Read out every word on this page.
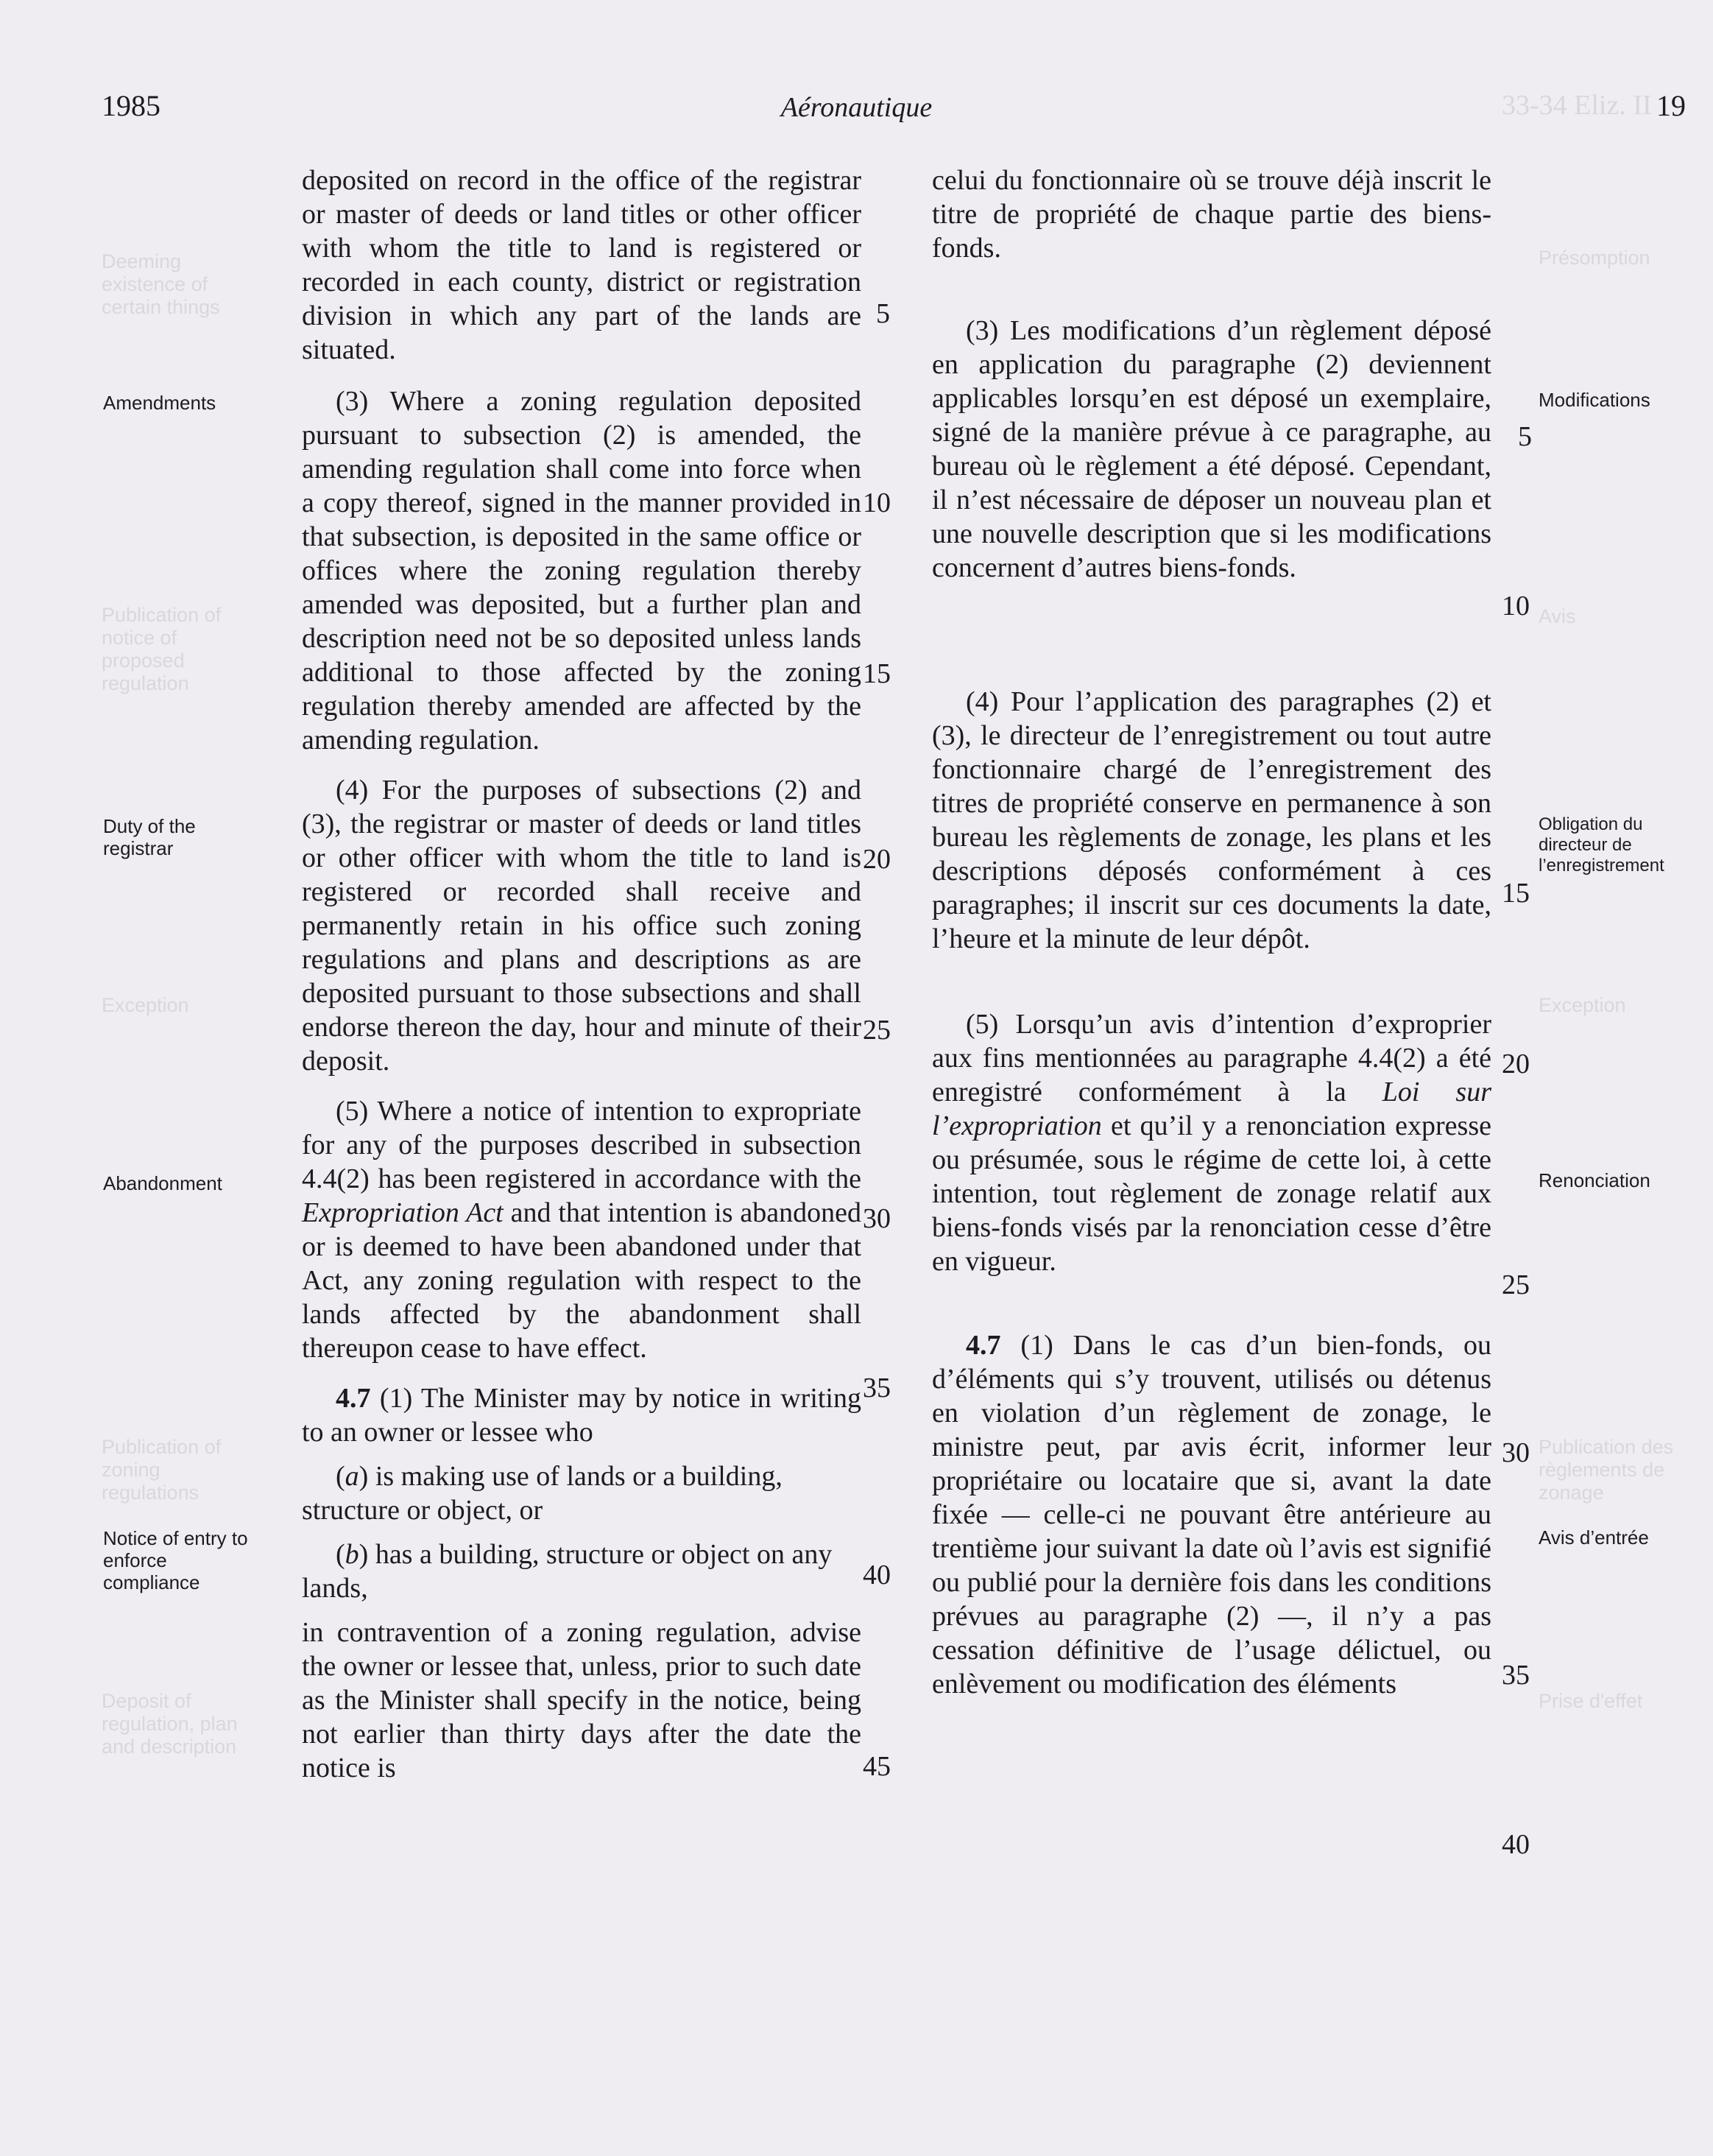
33-34 Eliz. II
Deeming existence of certain things
Publication of notice of proposed regulation
Exception
Publication of zoning regulations
Deposit of regulation, plan and description
Présomption
Avis
Exception
Publication des règlements de zonage
Prise d'effet
1985	Aéronautique	19
Amendments
Duty of the registrar
Abandonment
Notice of entry to enforce compliance
Modifications
Obligation du directeur de l’enregistrement
Renonciation
Avis d’entrée

deposited on record in the office of the registrar or master of deeds or land titles or other officer with whom the title to land is registered or recorded in each county, district or registration division in which any part of the lands are situated.

(3) Where a zoning regulation deposited pursuant to subsection (2) is amended, the amending regulation shall come into force when a copy thereof, signed in the manner provided in that subsection, is deposited in the same office or offices where the zoning regulation thereby amended was deposited, but a further plan and description need not be so deposited unless lands additional to those affected by the zoning regulation thereby amended are affected by the amending regulation.

(4) For the purposes of subsections (2) and (3), the registrar or master of deeds or land titles or other officer with whom the title to land is registered or recorded shall receive and permanently retain in his office such zoning regulations and plans and descriptions as are deposited pursuant to those subsections and shall endorse thereon the day, hour and minute of their deposit.

(5) Where a notice of intention to expropriate for any of the purposes described in subsection 4.4(2) has been registered in accordance with the Expropriation Act and that intention is abandoned or is deemed to have been abandoned under that Act, any zoning regulation with respect to the lands affected by the abandonment shall thereupon cease to have effect.

4.7 (1) The Minister may by notice in writing to an owner or lessee who

(a) is making use of lands or a building, structure or object, or

(b) has a building, structure or object on any lands,

in contravention of a zoning regulation, advise the owner or lessee that, unless, prior to such date as the Minister shall specify in the notice, being not earlier than thirty days after the date the notice is

5
10
15
20
25
30
35
40
45

celui du fonctionnaire où se trouve déjà inscrit le titre de propriété de chaque partie des biens-fonds.

(3) Les modifications d’un règlement déposé en application du paragraphe (2) deviennent applicables lorsqu’en est déposé un exemplaire, signé de la manière prévue à ce paragraphe, au bureau où le règlement a été déposé. Cependant, il n’est nécessaire de déposer un nouveau plan et une nouvelle description que si les modifications concernent d’autres biens-fonds.

(4) Pour l’application des paragraphes (2) et (3), le directeur de l’enregistrement ou tout autre fonctionnaire chargé de l’enregistrement des titres de propriété conserve en permanence à son bureau les règlements de zonage, les plans et les descriptions déposés conformément à ces paragraphes; il inscrit sur ces documents la date, l’heure et la minute de leur dépôt.

(5) Lorsqu’un avis d’intention d’exproprier aux fins mentionnées au paragraphe 4.4(2) a été enregistré conformément à la Loi sur l’expropriation et qu’il y a renonciation expresse ou présumée, sous le régime de cette loi, à cette intention, tout règlement de zonage relatif aux biens-fonds visés par la renonciation cesse d’être en vigueur.

4.7 (1) Dans le cas d’un bien-fonds, ou d’éléments qui s’y trouvent, utilisés ou détenus en violation d’un règlement de zonage, le ministre peut, par avis écrit, informer leur propriétaire ou locataire que si, avant la date fixée — celle-ci ne pouvant être antérieure au trentième jour suivant la date où l’avis est signifié ou publié pour la dernière fois dans les conditions prévues au paragraphe (2) —, il n’y a pas cessation définitive de l’usage délictuel, ou enlèvement ou modification des éléments

5
10
15
20
25
30
35
40
